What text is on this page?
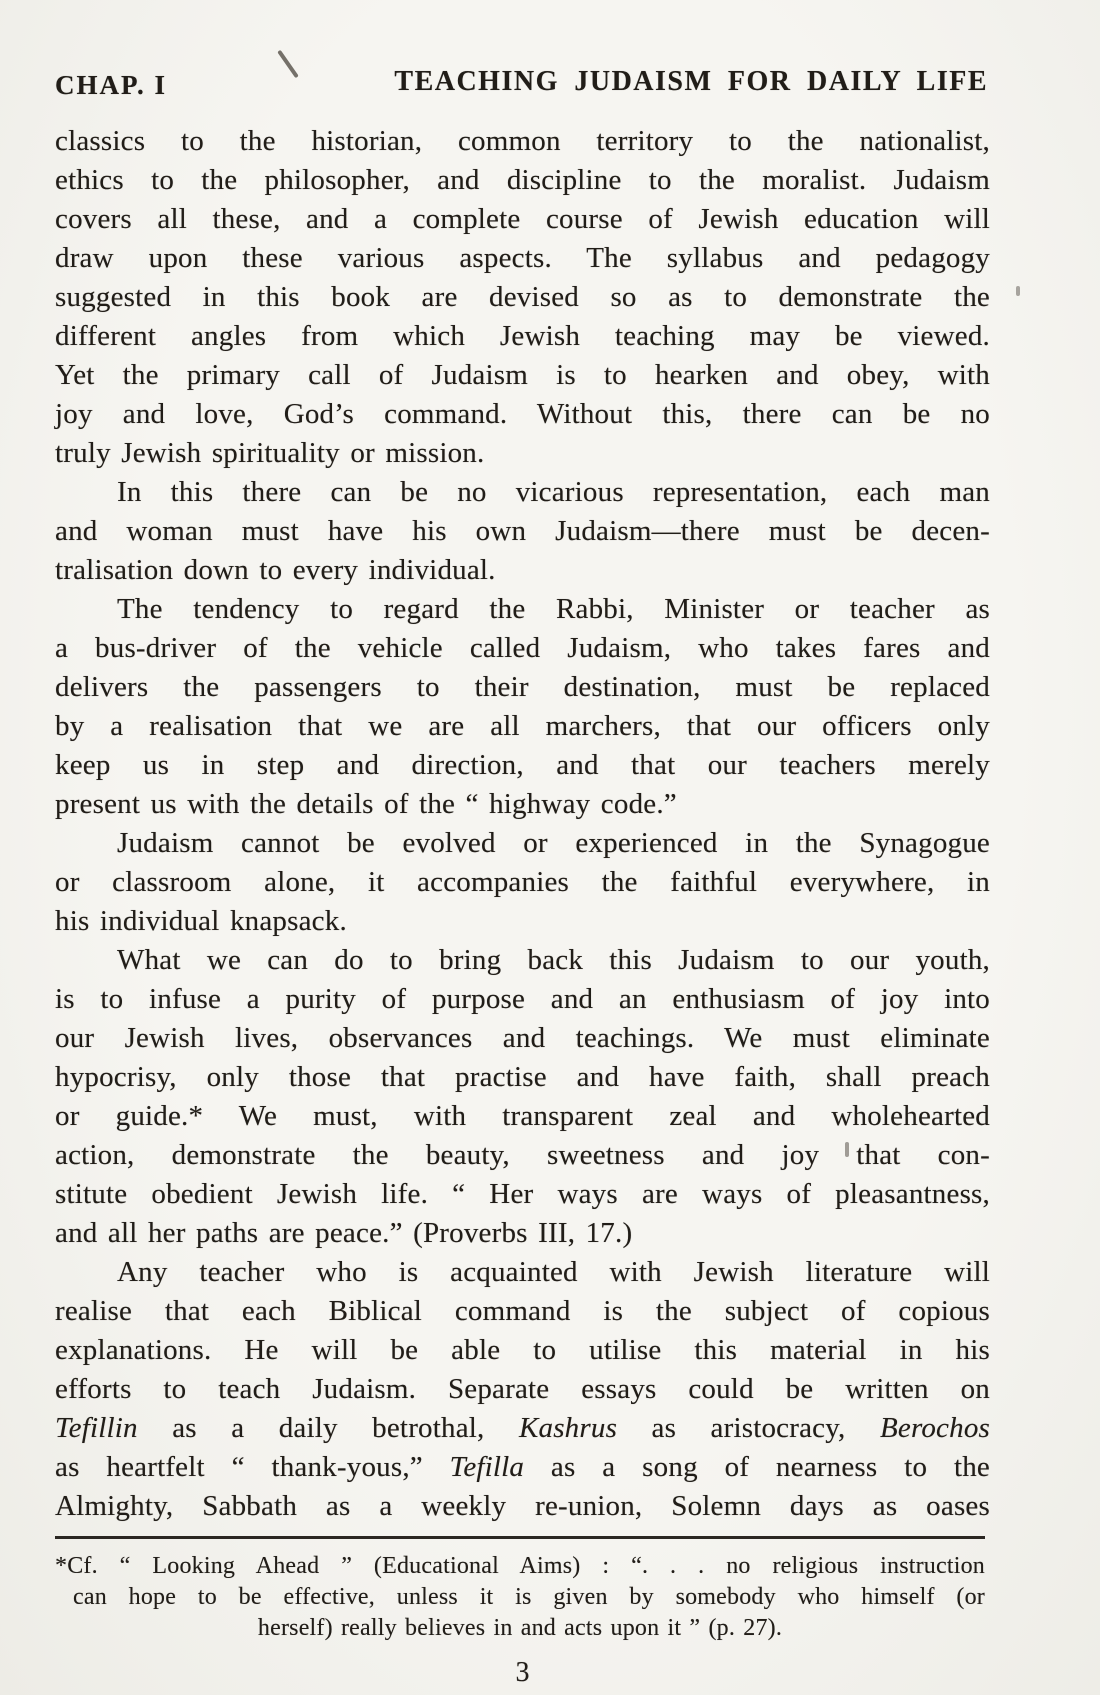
CHAP. I	TEACHING JUDAISM FOR DAILY LIFE
classics to the historian, common territory to the nationalist,
ethics to the philosopher, and discipline to the moralist. Judaism
covers all these, and a complete course of Jewish education will
draw upon these various aspects. The syllabus and pedagogy
suggested in this book are devised so as to demonstrate the
different angles from which Jewish teaching may be viewed.
Yet the primary call of Judaism is to hearken and obey, with
joy and love, God’s command. Without this, there can be no
truly Jewish spirituality or mission.
In this there can be no vicarious representation, each man
and woman must have his own Judaism—there must be decen-
tralisation down to every individual.
The tendency to regard the Rabbi, Minister or teacher as
a bus-driver of the vehicle called Judaism, who takes fares and
delivers the passengers to their destination, must be replaced
by a realisation that we are all marchers, that our officers only
keep us in step and direction, and that our teachers merely
present us with the details of the “ highway code.”
Judaism cannot be evolved or experienced in the Synagogue
or classroom alone, it accompanies the faithful everywhere, in
his individual knapsack.
What we can do to bring back this Judaism to our youth,
is to infuse a purity of purpose and an enthusiasm of joy into
our Jewish lives, observances and teachings. We must eliminate
hypocrisy, only those that practise and have faith, shall preach
or guide.* We must, with transparent zeal and wholehearted
action, demonstrate the beauty, sweetness and joy that con-
stitute obedient Jewish life. “ Her ways are ways of pleasantness,
and all her paths are peace.” (Proverbs III, 17.)
Any teacher who is acquainted with Jewish literature will
realise that each Biblical command is the subject of copious
explanations. He will be able to utilise this material in his
efforts to teach Judaism. Separate essays could be written on
Tefillin as a daily betrothal, Kashrus as aristocracy, Berochos
as heartfelt “ thank-yous,” Tefilla as a song of nearness to the
Almighty, Sabbath as a weekly re-union, Solemn days as oases
*Cf. “ Looking Ahead ” (Educational Aims) : “. . . no religious instruction
can hope to be effective, unless it is given by somebody who himself (or
herself) really believes in and acts upon it ” (p. 27).
3
